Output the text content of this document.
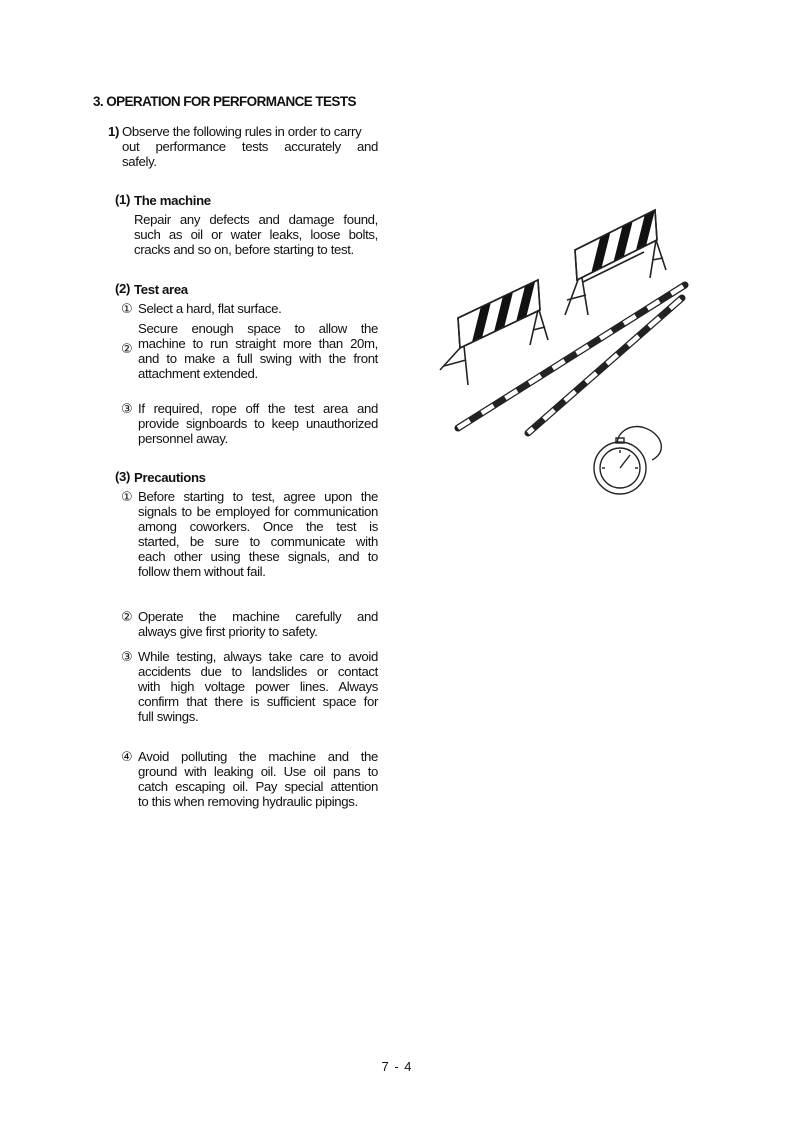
3. OPERATION FOR PERFORMANCE TESTS
1) Observe the following rules in order to carry
out performance tests accurately and
safely.
(1) The machine
Repair any defects and damage found,
such as oil or water leaks, loose bolts,
cracks and so on, before starting to test.
(2) Test area
① Select a hard, flat surface.
②
Secure enough space to allow the
machine to run straight more than 20m,
and to make a full swing with the front
attachment extended.
③ If required, rope off the test area and
provide signboards to keep unauthorized
personnel away.
(3) Precautions
① Before starting to test, agree upon the
signals to be employed for communication
among coworkers. Once the test is
started, be sure to communicate with
each other using these signals, and to
follow them without fail.
② Operate the machine carefully and
always give first priority to safety.
③ While testing, always take care to avoid
accidents due to landslides or contact
with high voltage power lines. Always
confirm that there is sufficient space for
full swings.
④ Avoid polluting the machine and the
ground with leaking oil. Use oil pans to
catch escaping oil. Pay special attention
to this when removing hydraulic pipings.
7 - 4
